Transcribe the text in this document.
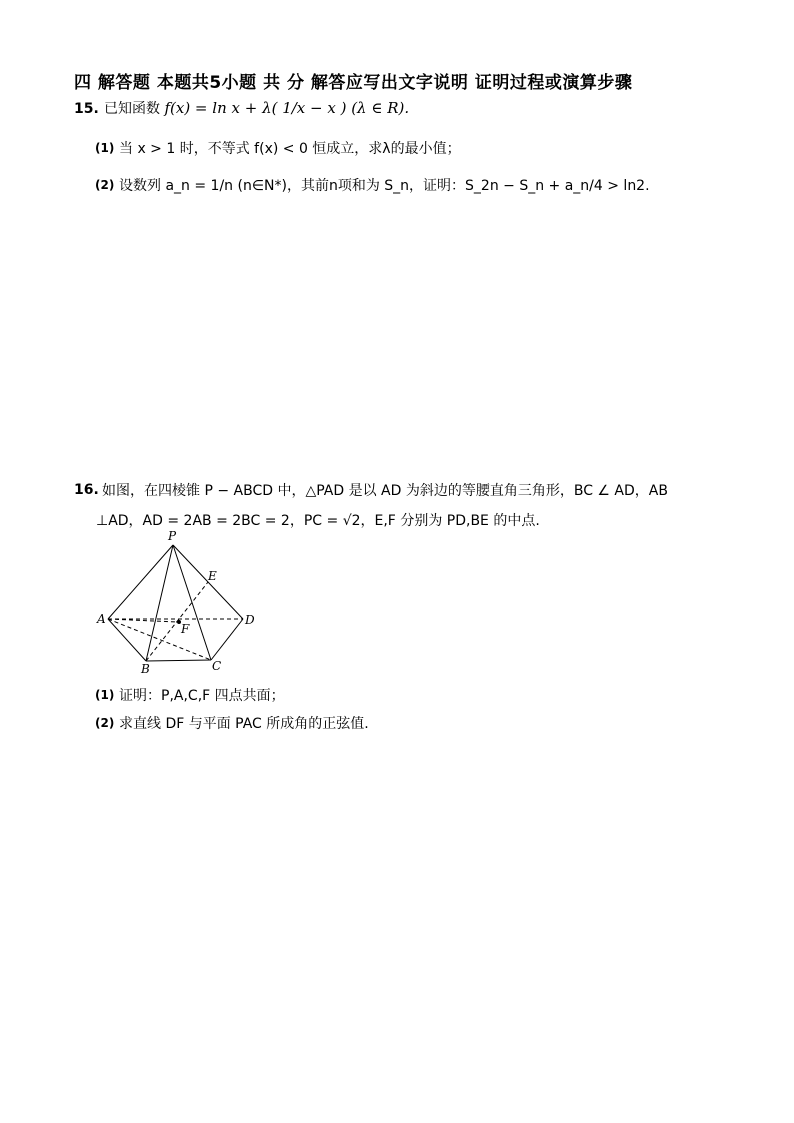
四 解答题 本题共5小题 共 分 解答应写出文字说明 证明过程或演算步骤
15. 已知函数 f(x) = ln x + λ( 1/x − x ) (λ ∈ R).
(1) 当 x > 1 时，不等式 f(x) < 0 恒成立，求λ的最小值；
(2) 设数列 a_n = 1/n (n∈N*)，其前n项和为 S_n，证明：S_2n − S_n + a_n/4 > ln2.
16. 如图，在四棱锥 P − ABCD 中，△PAD 是以 AD 为斜边的等腰直角三角形，BC ∠ AD，AB
⊥AD，AD = 2AB = 2BC = 2，PC = √2，E,F 分别为 PD,BE 的中点.
P
E
A	D
F
B	C
(1) 证明：P,A,C,F 四点共面；
(2) 求直线 DF 与平面 PAC 所成角的正弦值.
